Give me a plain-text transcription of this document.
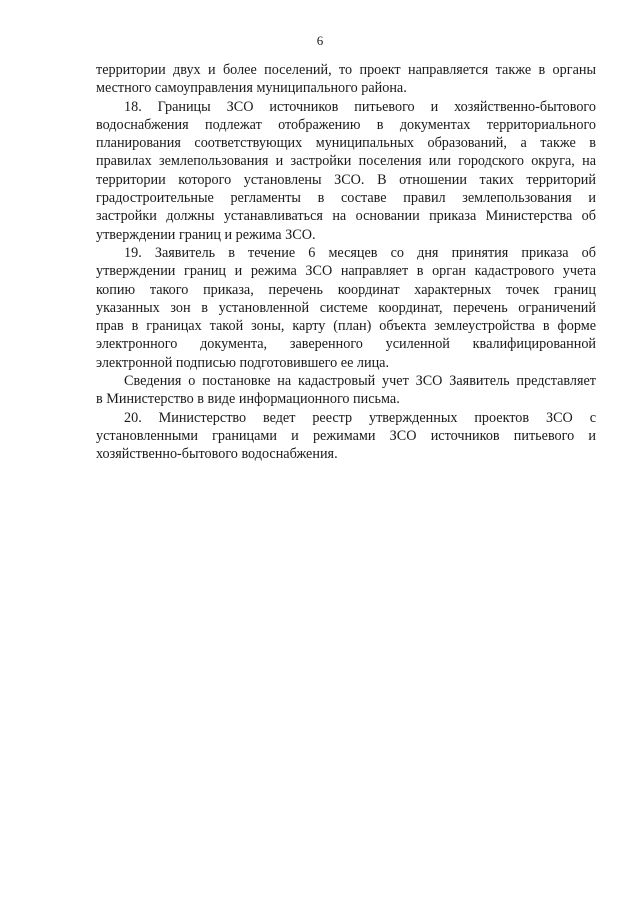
6
территории двух и более поселений, то проект направляется также в органы
местного самоуправления муниципального района.
18. Границы ЗСО источников питьевого и хозяйственно-бытового
водоснабжения подлежат отображению в документах территориального
планирования соответствующих муниципальных образований, а также в
правилах землепользования и застройки поселения или городского округа, на
территории которого установлены ЗСО. В отношении таких территорий
градостроительные регламенты в составе правил землепользования и
застройки должны устанавливаться на основании приказа Министерства об
утверждении границ и режима ЗСО.
19. Заявитель в течение 6 месяцев со дня принятия приказа об
утверждении границ и режима ЗСО направляет в орган кадастрового учета
копию такого приказа, перечень координат характерных точек границ
указанных зон в установленной системе координат, перечень ограничений
прав в границах такой зоны, карту (план) объекта землеустройства в форме
электронного документа, заверенного усиленной квалифицированной
электронной подписью подготовившего ее лица.
Сведения о постановке на кадастровый учет ЗСО Заявитель представляет
в Министерство в виде информационного письма.
20. Министерство ведет реестр утвержденных проектов ЗСО с
установленными границами и режимами ЗСО источников питьевого и
хозяйственно-бытового водоснабжения.
